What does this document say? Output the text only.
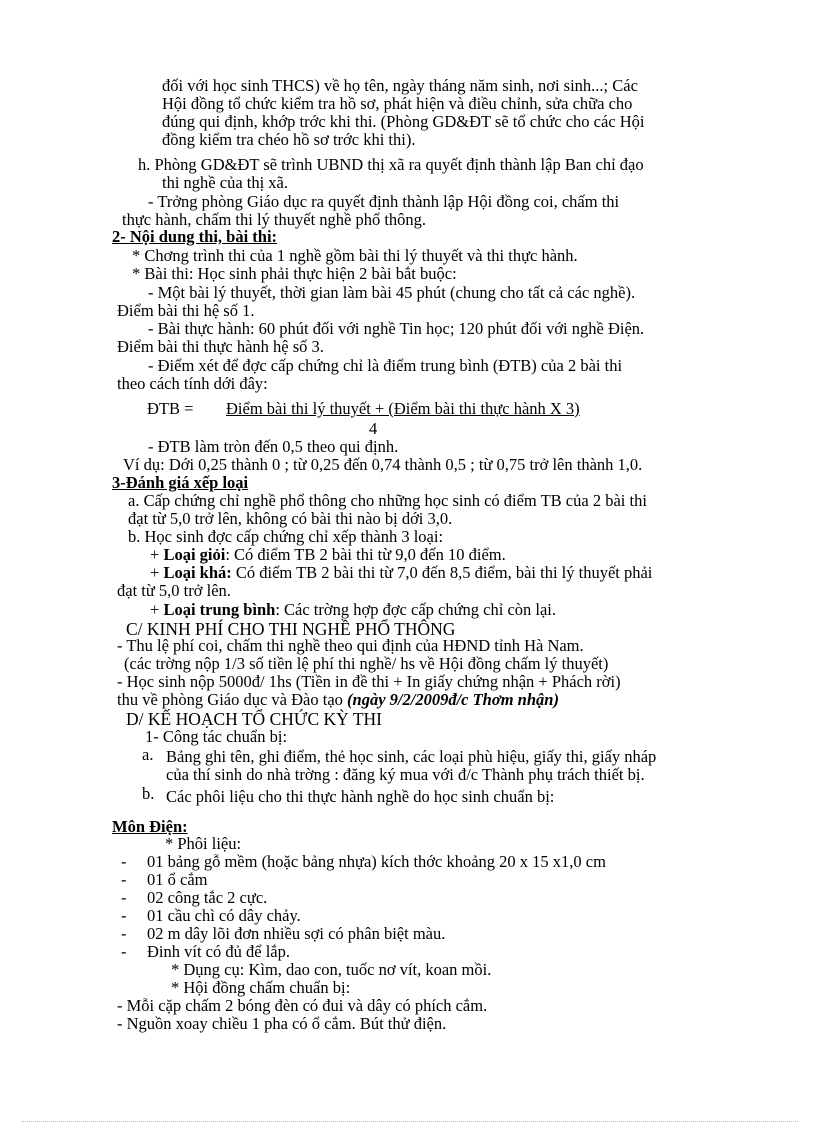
đối với học sinh THCS) về họ tên, ngày tháng năm sinh, nơi sinh...; Các
Hội đồng tổ chức kiểm tra hồ sơ, phát hiện và điều chỉnh, sửa chữa cho
đúng qui định, khớp trớc khi thi. (Phòng GD&ĐT sẽ tổ chức cho các Hội
đồng kiểm tra chéo hồ sơ trớc khi thi).
h. Phòng GD&ĐT sẽ trình UBND thị xã ra quyết định thành lập Ban chỉ đạo
thi nghề của thị xã.
- Trởng phòng Giáo dục ra quyết định thành lập Hội đồng coi, chấm thi
thực hành, chấm thi lý thuyết nghề phổ thông.
2- Nội dung thi, bài thi:
* Chơng trình thi của 1 nghề gồm bài thi lý thuyết và thi thực hành.
* Bài thi: Học sinh phải thực hiện 2 bài bắt buộc:
- Một bài lý thuyết, thời gian làm bài 45 phút (chung cho tất cả các nghề).
Điểm bài thi hệ số 1.
- Bài thực hành: 60 phút đối với nghề Tin học; 120 phút đối với nghề Điện.
Điểm bài thi thực hành hệ số 3.
- Điểm xét để đợc cấp chứng chỉ là điểm trung bình (ĐTB) của 2 bài thi
theo cách tính dới đây:
ĐTB = Điểm bài thi lý thuyết + (Điểm bài thi thực hành X 3)
4
- ĐTB làm tròn đến 0,5 theo qui định.
Ví dụ: Dới 0,25 thành 0 ; từ 0,25 đến 0,74 thành 0,5 ; từ 0,75 trở lên thành 1,0.
3-Đánh giá xếp loại
a. Cấp chứng chỉ nghề phổ thông cho những học sinh có điểm TB của 2 bài thi
đạt từ 5,0 trở lên, không có bài thi nào bị dới 3,0.
b. Học sinh đợc cấp chứng chỉ xếp thành 3 loại:
+ Loại giỏi: Có điểm TB 2 bài thi từ 9,0 đến 10 điểm.
+ Loại khá: Có điểm TB 2 bài thi từ 7,0 đến 8,5 điểm, bài thi lý thuyết phải
đạt từ 5,0 trở lên.
+ Loại trung bình: Các trờng hợp đợc cấp chứng chỉ còn lại.
C/ KINH PHÍ CHO THI NGHỀ PHỔ THÔNG
- Thu lệ phí coi, chấm thi nghề theo qui định của HĐND tỉnh Hà Nam.
(các trờng nộp 1/3 số tiền lệ phí thi nghề/ hs về Hội đồng chấm lý thuyết)
- Học sinh nộp 5000đ/ 1hs (Tiền in đề thi + In giấy chứng nhận + Phách rời)
thu về phòng Giáo dục và Đào tạo (ngày 9/2/2009đ/c Thơm nhận)
D/ KẾ HOẠCH TỔ CHỨC KỲ THI
1- Công tác chuẩn bị:
a. Bảng ghi tên, ghi điểm, thẻ học sinh, các loại phù hiệu, giấy thi, giấy nháp
của thí sinh do nhà trờng : đăng ký mua với đ/c Thành phụ trách thiết bị.
b. Các phôi liệu cho thi thực hành nghề do học sinh chuẩn bị:
Môn Điện:
* Phôi liệu:
- 01 bảng gỗ mềm (hoặc bảng nhựa) kích thớc khoảng 20 x 15 x1,0 cm
- 01 ổ cắm
- 02 công tắc 2 cực.
- 01 cầu chì có dây chảy.
- 02 m dây lõi đơn nhiều sợi có phân biệt màu.
- Đinh vít có đủ để lắp.
* Dụng cụ: Kìm, dao con, tuốc nơ vít, koan mồi.
* Hội đồng chấm chuẩn bị:
- Mỗi cặp chấm 2 bóng đèn có đui và dây có phích cắm.
- Nguồn xoay chiều 1 pha có ổ cắm. Bút thử điện.
